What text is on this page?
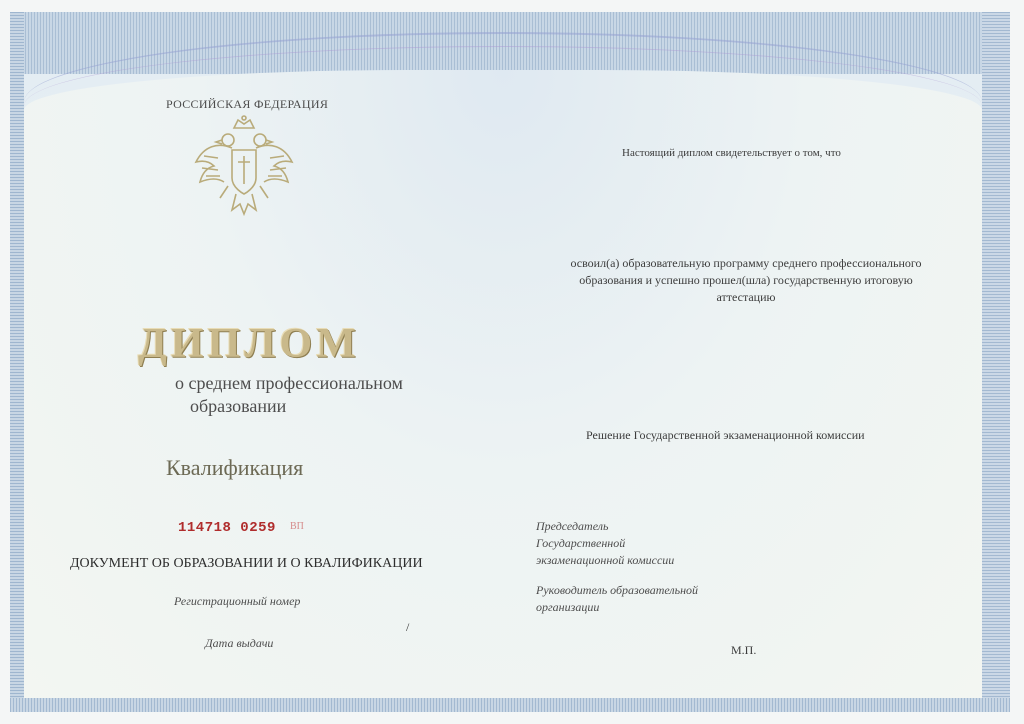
РОССИЙСКАЯ ФЕДЕРАЦИЯ
ДИПЛОМ
о среднем профессиональном
образовании
Квалификация
114718 0259 ВП
ДОКУМЕНТ ОБ ОБРАЗОВАНИИ И О КВАЛИФИКАЦИИ
Регистрационный номер
/
Дата выдачи
Настоящий диплом свидетельствует о том, что
освоил(а) образовательную программу среднего профессионального
образования и успешно прошел(шла) государственную итоговую
аттестацию
Решение Государственной экзаменационной комиссии
Председатель
Государственной
экзаменационной комиссии
Руководитель образовательной
организации
М.П.
